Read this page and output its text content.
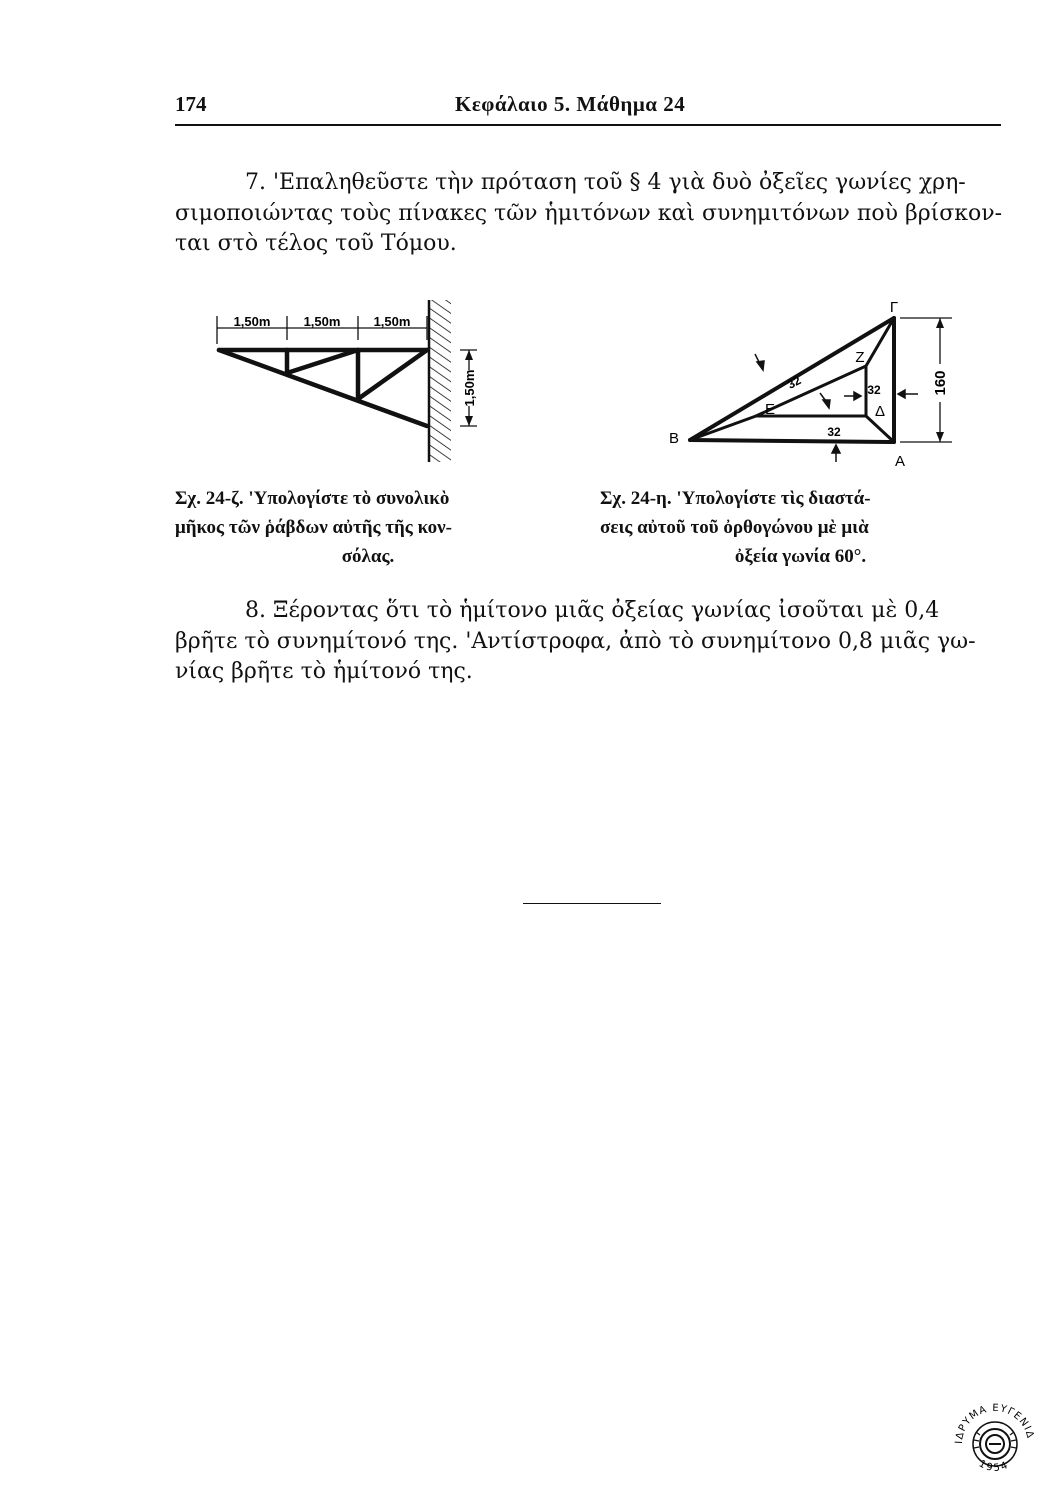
174	Κεφάλαιο 5. Μάθημα 24
7. 'Επαληθεῦστε τὴν πρόταση τοῦ § 4 γιὰ δυὸ ὀξεῖες γωνίες χρη-
σιμοποιώντας τοὺς πίνακες τῶν ἡμιτόνων καὶ συνημιτόνων ποὺ βρίσκον-
ται στὸ τέλος τοῦ Τόμου.
1,50m	1,50m	1,50m
1,50m	160
Γ
Ζ
Ε	Δ
Β
Α
32	32
32
Σχ. 24-ζ. 'Υπολογίστε τὸ συνολικὸ
μῆκος τῶν ῥάβδων αὐτῆς τῆς κον-
σόλας.
Σχ. 24-η. 'Υπολογίστε τὶς διαστά-
σεις αὐτοῦ τοῦ ὀρθογώνου μὲ μιὰ
ὀξεία γωνία 60°.
8. Ξέροντας ὅτι τὸ ἡμίτονο μιᾶς ὀξείας γωνίας ἰσοῦται μὲ 0,4
βρῆτε τὸ συνημίτονό της. 'Αντίστροφα, ἀπὸ τὸ συνημίτονο 0,8 μιᾶς γω-
νίας βρῆτε τὸ ἡμίτονό της.
ΙΔΡΥΜΑ ΕΥΓΕΝΙΔ
1954
